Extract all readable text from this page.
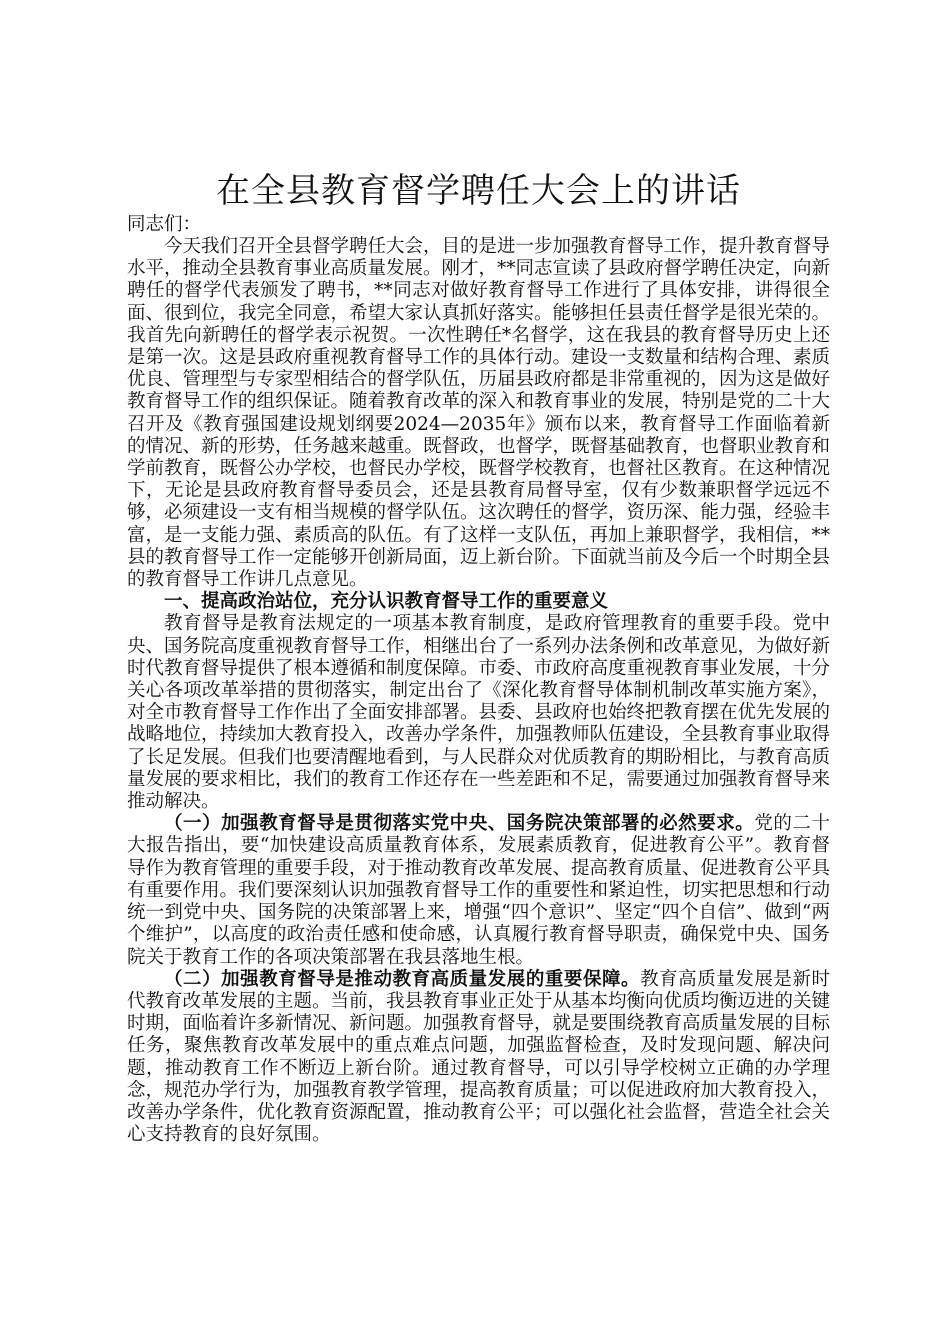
在全县教育督学聘任大会上的讲话

同志们：

今天我们召开全县督学聘任大会，目的是进一步加强教育督导工作，提升教育督导水平，推动全县教育事业高质量发展。刚才，**同志宣读了县政府督学聘任决定，向新聘任的督学代表颁发了聘书，**同志对做好教育督导工作进行了具体安排，讲得很全面、很到位，我完全同意，希望大家认真抓好落实。能够担任县责任督学是很光荣的。我首先向新聘任的督学表示祝贺。一次性聘任*名督学，这在我县的教育督导历史上还是第一次。这是县政府重视教育督导工作的具体行动。建设一支数量和结构合理、素质优良、管理型与专家型相结合的督学队伍，历届县政府都是非常重视的，因为这是做好教育督导工作的组织保证。随着教育改革的深入和教育事业的发展，特别是党的二十大召开及《教育强国建设规划纲要2024—2035年》颁布以来，教育督导工作面临着新的情况、新的形势，任务越来越重。既督政，也督学，既督基础教育，也督职业教育和学前教育，既督公办学校，也督民办学校，既督学校教育，也督社区教育。在这种情况下，无论是县政府教育督导委员会，还是县教育局督导室，仅有少数兼职督学远远不够，必须建设一支有相当规模的督学队伍。这次聘任的督学，资历深、能力强，经验丰富，是一支能力强、素质高的队伍。有了这样一支队伍，再加上兼职督学，我相信，**县的教育督导工作一定能够开创新局面，迈上新台阶。下面就当前及今后一个时期全县的教育督导工作讲几点意见。

一、提高政治站位，充分认识教育督导工作的重要意义

教育督导是教育法规定的一项基本教育制度，是政府管理教育的重要手段。党中央、国务院高度重视教育督导工作，相继出台了一系列办法条例和改革意见，为做好新时代教育督导提供了根本遵循和制度保障。市委、市政府高度重视教育事业发展，十分关心各项改革举措的贯彻落实，制定出台了《深化教育督导体制机制改革实施方案》，对全市教育督导工作作出了全面安排部署。县委、县政府也始终把教育摆在优先发展的战略地位，持续加大教育投入，改善办学条件，加强教师队伍建设，全县教育事业取得了长足发展。但我们也要清醒地看到，与人民群众对优质教育的期盼相比，与教育高质量发展的要求相比，我们的教育工作还存在一些差距和不足，需要通过加强教育督导来推动解决。

（一）加强教育督导是贯彻落实党中央、国务院决策部署的必然要求。党的二十大报告指出，要“加快建设高质量教育体系，发展素质教育，促进教育公平”。教育督导作为教育管理的重要手段，对于推动教育改革发展、提高教育质量、促进教育公平具有重要作用。我们要深刻认识加强教育督导工作的重要性和紧迫性，切实把思想和行动统一到党中央、国务院的决策部署上来，增强“四个意识”、坚定“四个自信”、做到“两个维护”，以高度的政治责任感和使命感，认真履行教育督导职责，确保党中央、国务院关于教育工作的各项决策部署在我县落地生根。

（二）加强教育督导是推动教育高质量发展的重要保障。教育高质量发展是新时代教育改革发展的主题。当前，我县教育事业正处于从基本均衡向优质均衡迈进的关键时期，面临着许多新情况、新问题。加强教育督导，就是要围绕教育高质量发展的目标任务，聚焦教育改革发展中的重点难点问题，加强监督检查，及时发现问题、解决问题，推动教育工作不断迈上新台阶。通过教育督导，可以引导学校树立正确的办学理念，规范办学行为，加强教育教学管理，提高教育质量；可以促进政府加大教育投入，改善办学条件，优化教育资源配置，推动教育公平；可以强化社会监督，营造全社会关心支持教育的良好氛围。
